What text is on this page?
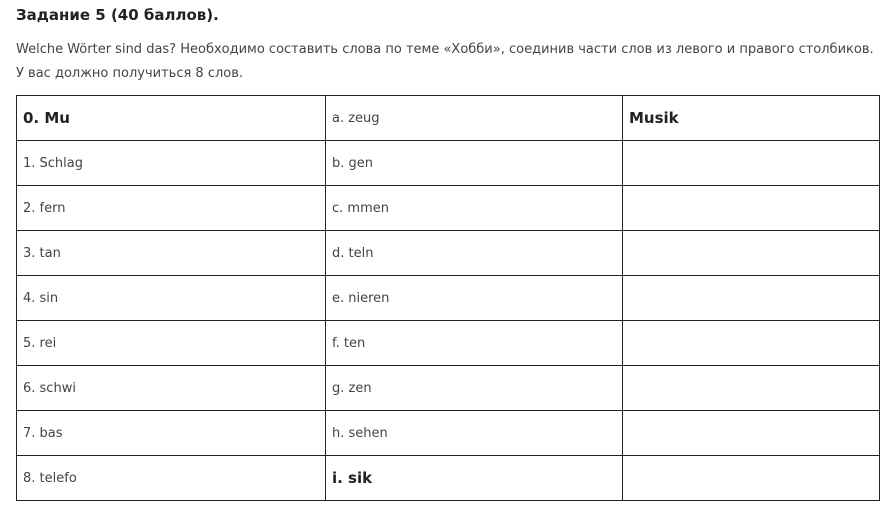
Задание 5 (40 баллов).
Welche Wörter sind das? Необходимо составить слова по теме «Хобби», соединив части слов из левого и правого столбиков. У вас должно получиться 8 слов.
0. Mu	a. zeug	Musik
1. Schlag	b. gen	
2. fern	c. mmen	
3. tan	d. teln	
4. sin	e. nieren	
5. rei	f. ten	
6. schwi	g. zen	
7. bas	h. sehen	
8. telefo	i. sik	
